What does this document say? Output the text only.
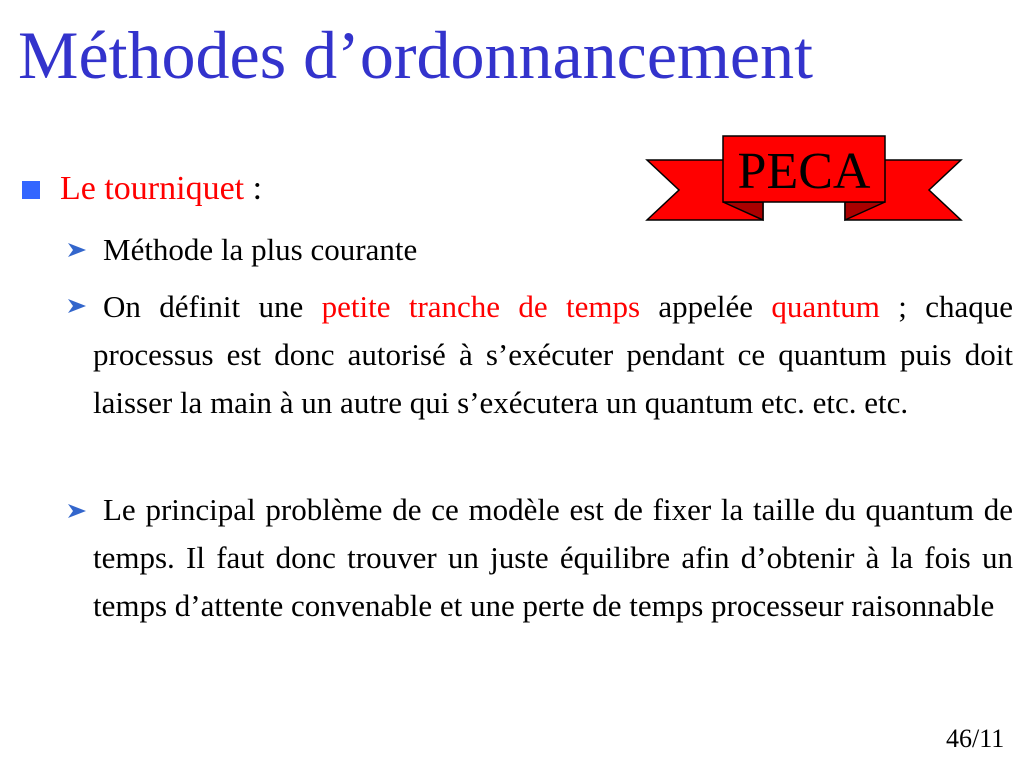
Méthodes d’ordonnancement
PECA
Le tourniquet :
Méthode la plus courante
On définit une petite tranche de temps appelée quantum ; chaque processus est donc autorisé à s’exécuter pendant ce quantum puis doit laisser la main à un autre qui s’exécutera un quantum etc. etc. etc.
Le principal problème de ce modèle est de fixer la taille du quantum de temps. Il faut donc trouver un juste équilibre afin d’obtenir à la fois un temps d’attente convenable et une perte de temps processeur raisonnable
46/11
